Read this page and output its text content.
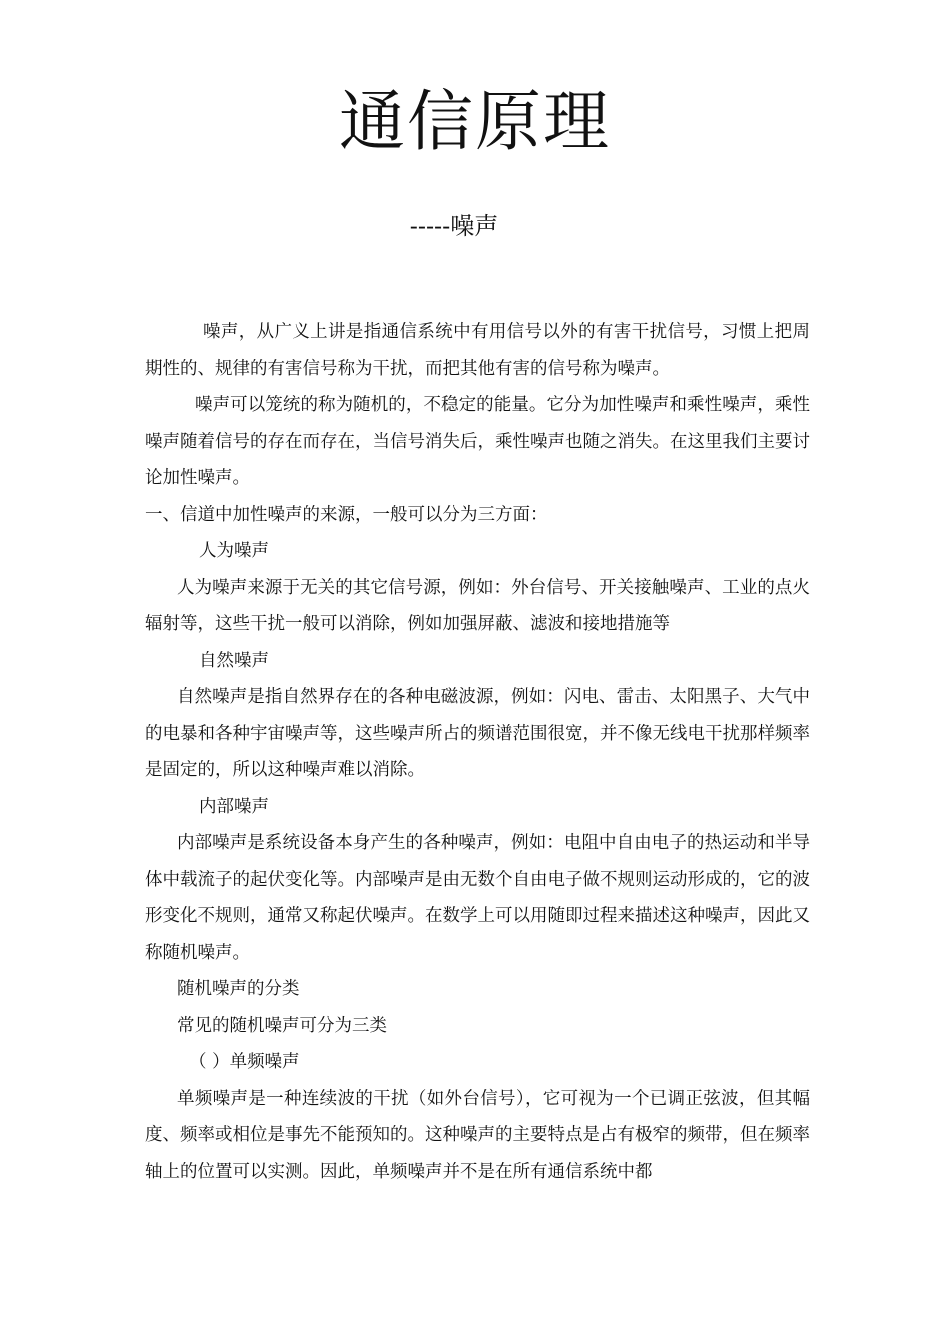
通信原理
-----噪声

噪声，从广义上讲是指通信系统中有用信号以外的有害干扰信号，习惯上把周期性的、规律的有害信号称为干扰，而把其他有害的信号称为噪声。

噪声可以笼统的称为随机的，不稳定的能量。它分为加性噪声和乘性噪声，乘性噪声随着信号的存在而存在，当信号消失后，乘性噪声也随之消失。在这里我们主要讨论加性噪声。

一、信道中加性噪声的来源，一般可以分为三方面：

人为噪声

人为噪声来源于无关的其它信号源，例如：外台信号、开关接触噪声、工业的点火辐射等，这些干扰一般可以消除，例如加强屏蔽、滤波和接地措施等

自然噪声

自然噪声是指自然界存在的各种电磁波源，例如：闪电、雷击、太阳黑子、大气中的电暴和各种宇宙噪声等，这些噪声所占的频谱范围很宽，并不像无线电干扰那样频率是固定的，所以这种噪声难以消除。

内部噪声

内部噪声是系统设备本身产生的各种噪声，例如：电阻中自由电子的热运动和半导体中载流子的起伏变化等。内部噪声是由无数个自由电子做不规则运动形成的，它的波形变化不规则，通常又称起伏噪声。在数学上可以用随即过程来描述这种噪声，因此又称随机噪声。

随机噪声的分类

常见的随机噪声可分为三类

（ ）单频噪声

单频噪声是一种连续波的干扰（如外台信号），它可视为一个已调正弦波，但其幅度、频率或相位是事先不能预知的。这种噪声的主要特点是占有极窄的频带，但在频率轴上的位置可以实测。因此，单频噪声并不是在所有通信系统中都
